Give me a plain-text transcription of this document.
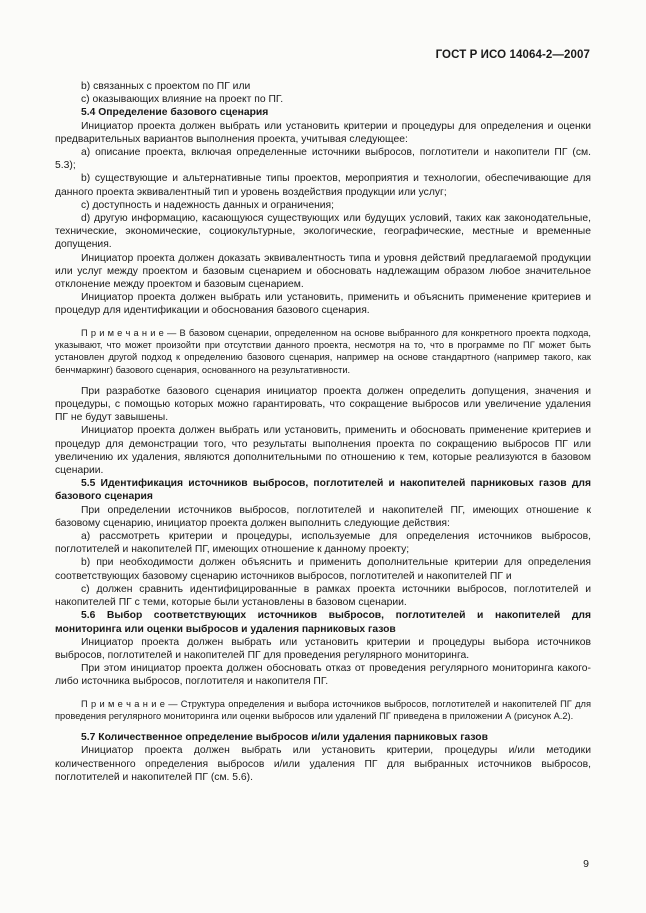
ГОСТ Р ИСО 14064-2—2007

b) связанных с проектом по ПГ или

c) оказывающих влияние на проект по ПГ.

5.4 Определение базового сценария

Инициатор проекта должен выбрать или установить критерии и процедуры для определения и оценки предварительных вариантов выполнения проекта, учитывая следующее:

a) описание проекта, включая определенные источники выбросов, поглотители и накопители ПГ (см. 5.3);

b) существующие и альтернативные типы проектов, мероприятия и технологии, обеспечивающие для данного проекта эквивалентный тип и уровень воздействия продукции или услуг;

c) доступность и надежность данных и ограничения;

d) другую информацию, касающуюся существующих или будущих условий, таких как законодательные, технические, экономические, социокультурные, экологические, географические, местные и временные допущения.

Инициатор проекта должен доказать эквивалентность типа и уровня действий предлагаемой продукции или услуг между проектом и базовым сценарием и обосновать надлежащим образом любое значительное отклонение между проектом и базовым сценарием.

Инициатор проекта должен выбрать или установить, применить и объяснить применение критериев и процедур для идентификации и обоснования базового сценария.

П р и м е ч а н и е — В базовом сценарии, определенном на основе выбранного для конкретного проекта подхода, указывают, что может произойти при отсутствии данного проекта, несмотря на то, что в программе по ПГ может быть установлен другой подход к определению базового сценария, например на основе стандартного (например такого, как бенчмаркинг) базового сценария, основанного на результативности.

При разработке базового сценария инициатор проекта должен определить допущения, значения и процедуры, с помощью которых можно гарантировать, что сокращение выбросов или увеличение удаления ПГ не будут завышены.

Инициатор проекта должен выбрать или установить, применить и обосновать применение критериев и процедур для демонстрации того, что результаты выполнения проекта по сокращению выбросов ПГ или увеличению их удаления, являются дополнительными по отношению к тем, которые реализуются в базовом сценарии.

5.5 Идентификация источников выбросов, поглотителей и накопителей парниковых газов для базового сценария

При определении источников выбросов, поглотителей и накопителей ПГ, имеющих отношение к базовому сценарию, инициатор проекта должен выполнить следующие действия:

a) рассмотреть критерии и процедуры, используемые для определения источников выбросов, поглотителей и накопителей ПГ, имеющих отношение к данному проекту;

b) при необходимости должен объяснить и применить дополнительные критерии для определения соответствующих базовому сценарию источников выбросов, поглотителей и накопителей ПГ и

c) должен сравнить идентифицированные в рамках проекта источники выбросов, поглотителей и накопителей ПГ с теми, которые были установлены в базовом сценарии.

5.6 Выбор соответствующих источников выбросов, поглотителей и накопителей для мониторинга или оценки выбросов и удаления парниковых газов

Инициатор проекта должен выбрать или установить критерии и процедуры выбора источников выбросов, поглотителей и накопителей ПГ для проведения регулярного мониторинга.

При этом инициатор проекта должен обосновать отказ от проведения регулярного мониторинга какого-либо источника выбросов, поглотителя и накопителя ПГ.

П р и м е ч а н и е — Структура определения и выбора источников выбросов, поглотителей и накопителей ПГ для проведения регулярного мониторинга или оценки выбросов или удалений ПГ приведена в приложении А (рисунок А.2).

5.7 Количественное определение выбросов и/или удаления парниковых газов

Инициатор проекта должен выбрать или установить критерии, процедуры и/или методики количественного определения выбросов и/или удаления ПГ для выбранных источников выбросов, поглотителей и накопителей ПГ (см. 5.6).

9
